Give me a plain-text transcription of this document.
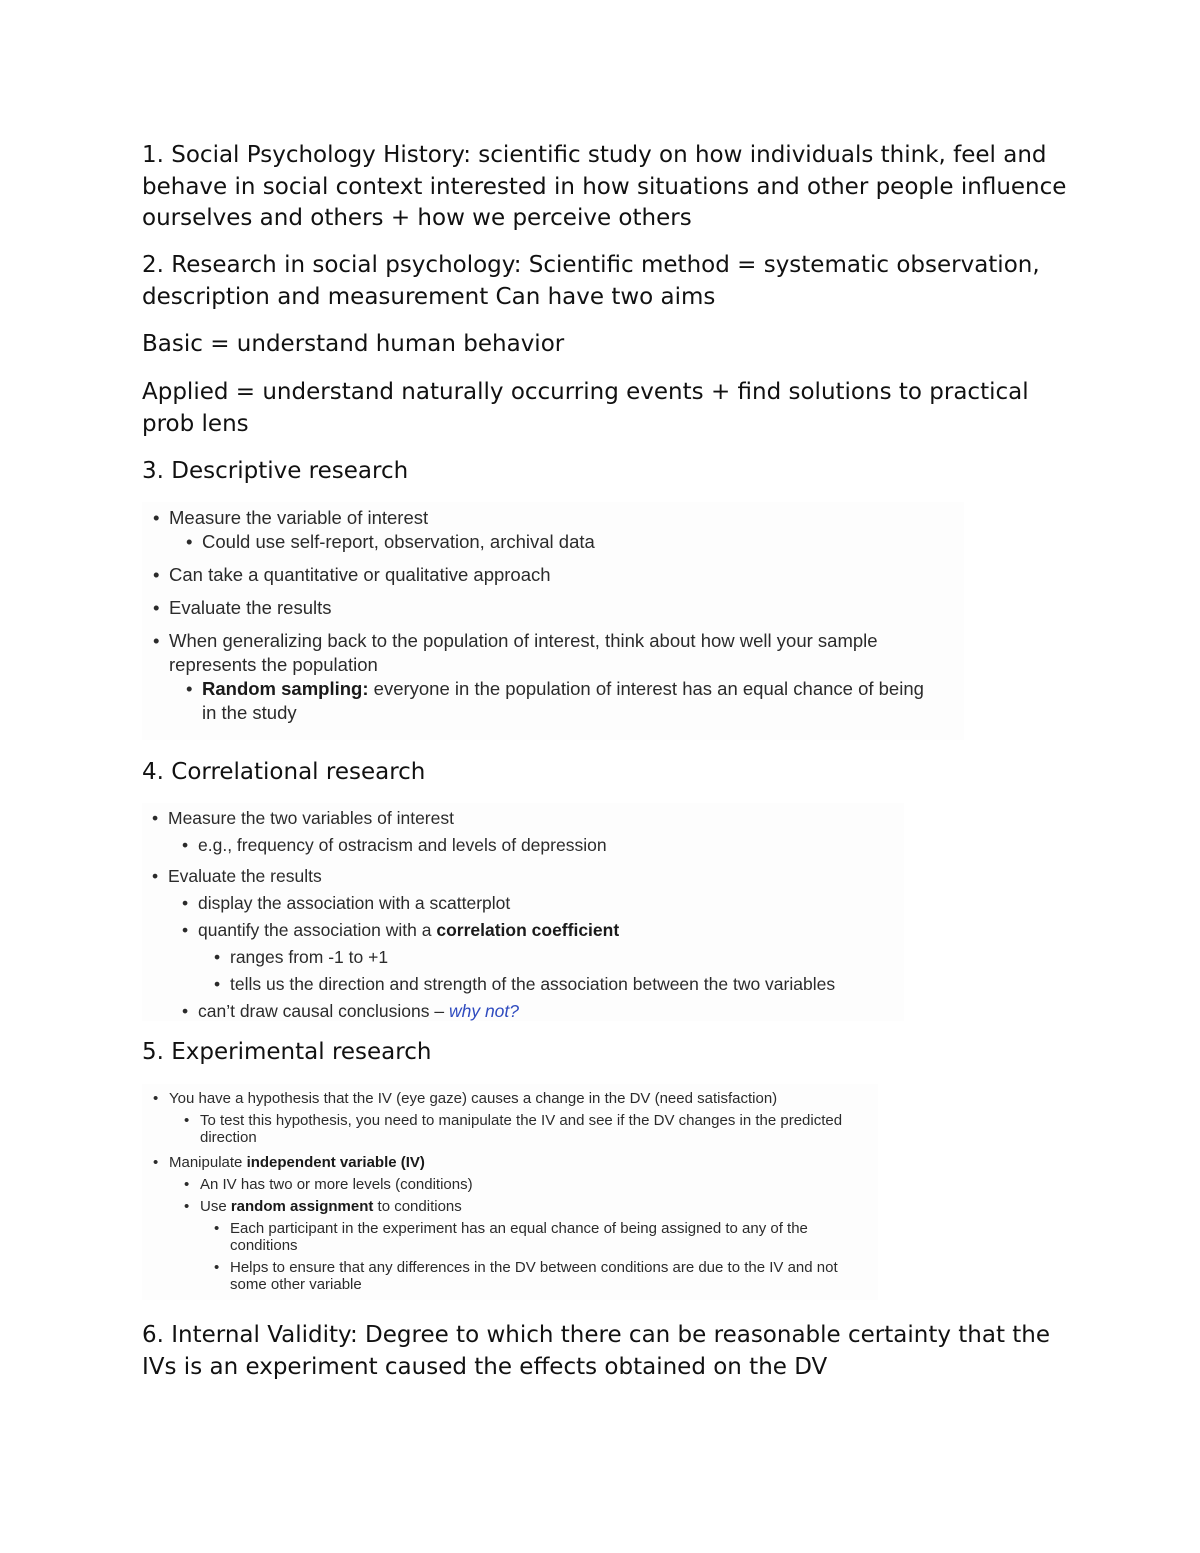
1. Social Psychology History: scientific study on how individuals think, feel and behave in social context interested in how situations and other people influence ourselves and others + how we perceive others
2. Research in social psychology: Scientific method = systematic observation, description and measurement Can have two aims
Basic = understand human behavior
Applied = understand naturally occurring events + find solutions to practical prob lens
3. Descriptive research
• Measure the variable of interest
• Could use self-report, observation, archival data
• Can take a quantitative or qualitative approach
• Evaluate the results
• When generalizing back to the population of interest, think about how well your sample represents the population
• Random sampling: everyone in the population of interest has an equal chance of being in the study
4. Correlational research
• Measure the two variables of interest
• e.g., frequency of ostracism and levels of depression
• Evaluate the results
• display the association with a scatterplot
• quantify the association with a correlation coefficient
• ranges from -1 to +1
• tells us the direction and strength of the association between the two variables
• can’t draw causal conclusions – why not?
5. Experimental research
• You have a hypothesis that the IV (eye gaze) causes a change in the DV (need satisfaction)
• To test this hypothesis, you need to manipulate the IV and see if the DV changes in the predicted direction
• Manipulate independent variable (IV)
• An IV has two or more levels (conditions)
• Use random assignment to conditions
• Each participant in the experiment has an equal chance of being assigned to any of the conditions
• Helps to ensure that any differences in the DV between conditions are due to the IV and not some other variable
6. Internal Validity: Degree to which there can be reasonable certainty that the IVs is an experiment caused the effects obtained on the DV
